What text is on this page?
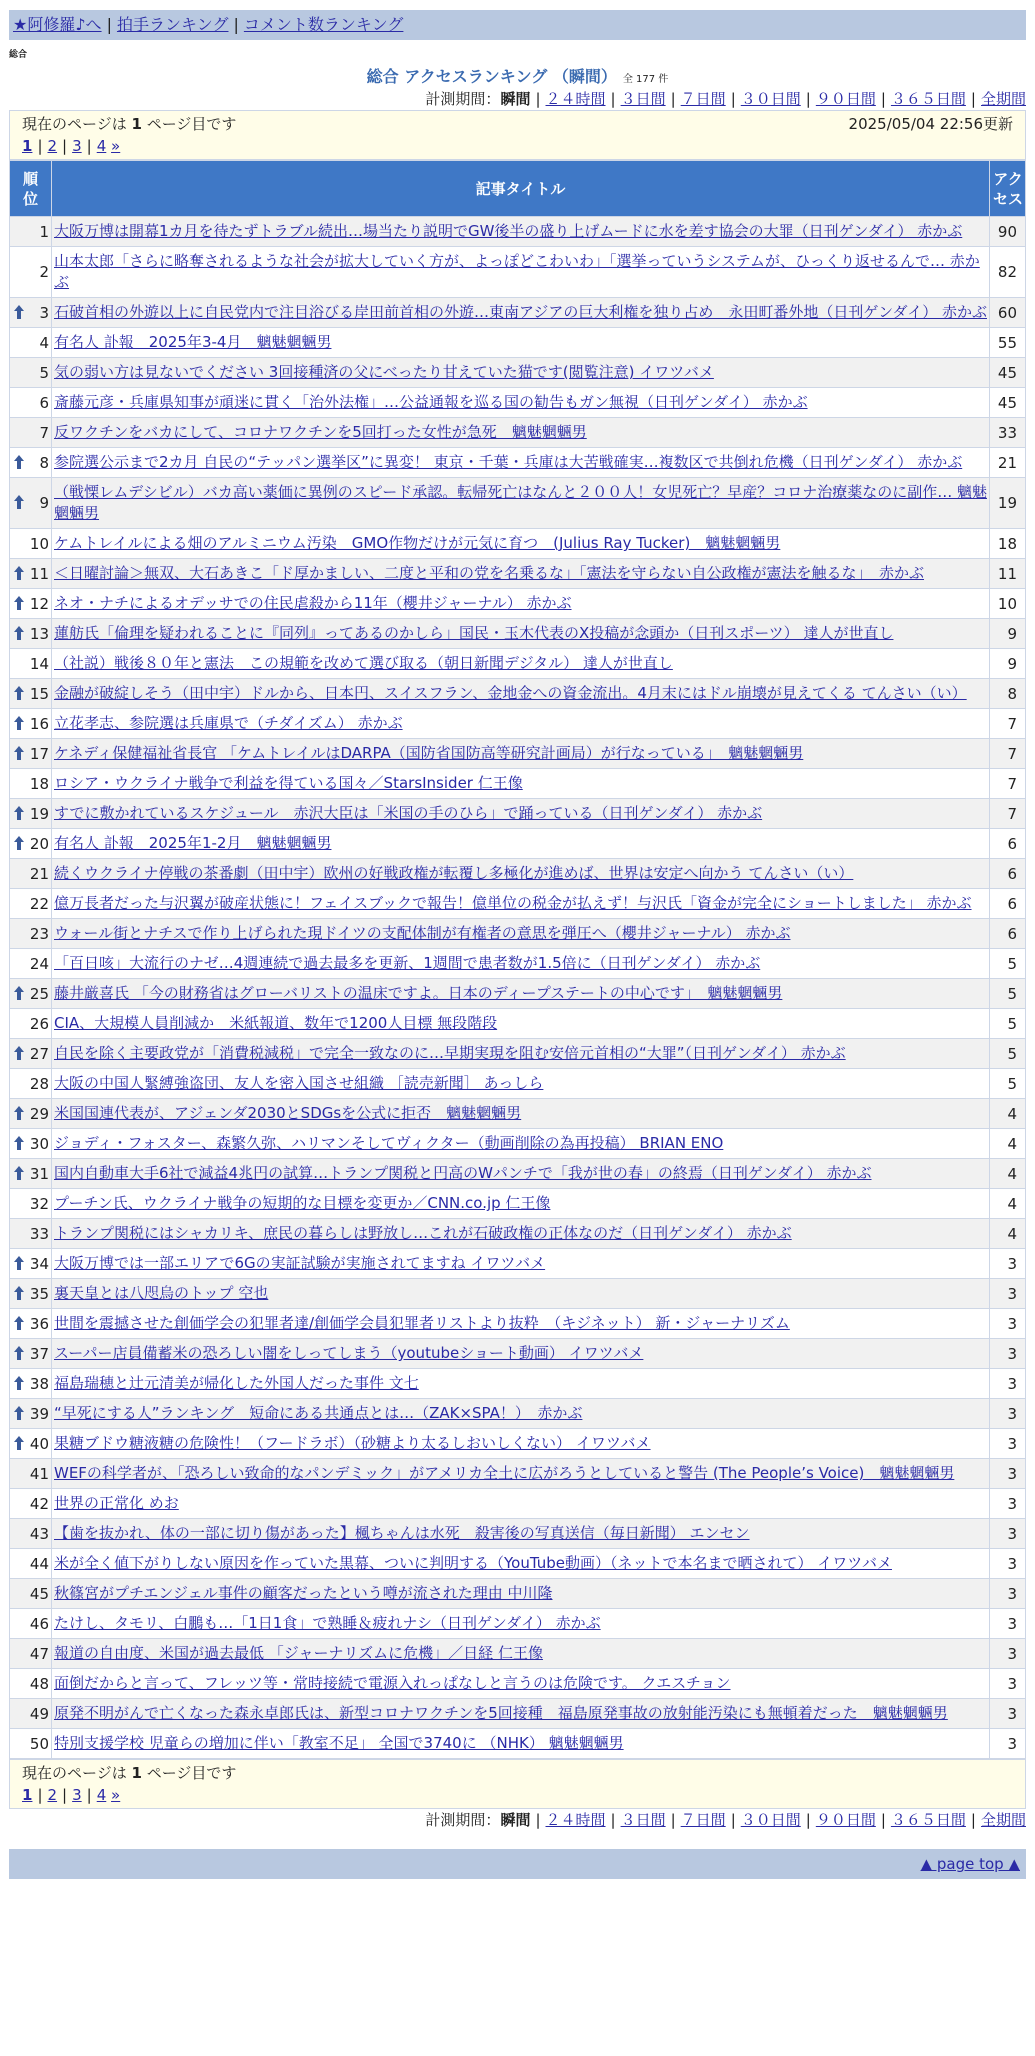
★阿修羅♪へ | 拍手ランキング | コメント数ランキング
総合
総合 アクセスランキング （瞬間） 全 177 件
計測期間：瞬間 | ２４時間 | ３日間 | ７日間 | ３０日間 | ９０日間 | ３６５日間 | 全期間
現在のページは 1 ページ目です	2025/05/04 22:56更新
1 | 2 | 3 | 4 »
順位	記事タイトル	アクセス

1	大阪万博は開幕1カ月を待たずトラブル続出…場当たり説明でGW後半の盛り上げムードに水を差す協会の大罪（日刊ゲンダイ） 赤かぶ	90
2	山本太郎「さらに略奪されるような社会が拡大していく方が、よっぽどこわいわ」「選挙っていうシステムが、ひっくり返せるんで… 赤かぶ	82

3	石破首相の外遊以上に自民党内で注目浴びる岸田前首相の外遊…東南アジアの巨大利権を独り占め　永田町番外地（日刊ゲンダイ） 赤かぶ	60
4	有名人 訃報　2025年3-4月　魑魅魍魎男	55
5	気の弱い方は見ないでください 3回接種済の父にべったり甘えていた猫です(閲覧注意) イワツバメ	45
6	斎藤元彦・兵庫県知事が頑迷に貫く「治外法権」…公益通報を巡る国の勧告もガン無視（日刊ゲンダイ） 赤かぶ	45
7	反ワクチンをバカにして、コロナワクチンを5回打った女性が急死　魑魅魍魎男	33

8	参院選公示まで2カ月 自民の“テッパン選挙区”に異変！ 東京・千葉・兵庫は大苦戦確実…複数区で共倒れ危機（日刊ゲンダイ） 赤かぶ	21

9	（戦慄レムデシビル）バカ高い薬価に異例のスピード承認。転帰死亡はなんと２００人！女児死亡？早産？コロナ治療薬なのに副作… 魑魅魍魎男	19
10	ケムトレイルによる畑のアルミニウム汚染　GMO作物だけが元気に育つ　(Julius Ray Tucker)　魑魅魍魎男	18

11	＜日曜討論＞無双、大石あきこ「ド厚かましい、二度と平和の党を名乗るな」「憲法を守らない自公政権が憲法を触るな」　赤かぶ	11

12	ネオ・ナチによるオデッサでの住民虐殺から11年（櫻井ジャーナル） 赤かぶ	10

13	蓮舫氏「倫理を疑われることに『同列』ってあるのかしら」国民・玉木代表のX投稿が念頭か（日刊スポーツ） 達人が世直し	9
14	（社説）戦後８０年と憲法　この規範を改めて選び取る（朝日新聞デジタル） 達人が世直し	9

15	金融が破綻しそう（田中宇）ドルから、日本円、スイスフラン、金地金への資金流出。4月末にはドル崩壊が見えてくる てんさい（い）	8

16	立花孝志、参院選は兵庫県で（チダイズム） 赤かぶ	7

17	ケネディ保健福祉省長官 「ケムトレイルはDARPA（国防省国防高等研究計画局）が行なっている」　魑魅魍魎男	7
18	ロシア・ウクライナ戦争で利益を得ている国々／StarsInsider 仁王像	7

19	すでに敷かれているスケジュール　赤沢大臣は「米国の手のひら」で踊っている（日刊ゲンダイ） 赤かぶ	7

20	有名人 訃報　2025年1-2月　魑魅魍魎男	6
21	続くウクライナ停戦の茶番劇（田中宇）欧州の好戦政権が転覆し多極化が進めば、世界は安定へ向かう てんさい（い）	6
22	億万長者だった与沢翼が破産状態に！フェイスブックで報告！億単位の税金が払えず！与沢氏「資金が完全にショートしました」 赤かぶ	6
23	ウォール街とナチスで作り上げられた現ドイツの支配体制が有権者の意思を弾圧へ（櫻井ジャーナル） 赤かぶ	6
24	「百日咳」大流行のナゼ…4週連続で過去最多を更新、1週間で患者数が1.5倍に（日刊ゲンダイ） 赤かぶ	5

25	藤井厳喜氏 「今の財務省はグローバリストの温床ですよ。日本のディープステートの中心です」　魑魅魍魎男	5
26	CIA、大規模人員削減か　米紙報道、数年で1200人目標 無段階段	5

27	自民を除く主要政党が「消費税減税」で完全一致なのに…早期実現を阻む安倍元首相の“大罪”（日刊ゲンダイ） 赤かぶ	5
28	大阪の中国人緊縛強盗団、友人を密入国させ組織 ［読売新聞］ あっしら	5

29	米国国連代表が、アジェンダ2030とSDGsを公式に拒否　魑魅魍魎男	4

30	ジョディ・フォスター、森繁久弥、ハリマンそしてヴィクター（動画削除の為再投稿） BRIAN ENO	4

31	国内自動車大手6社で減益4兆円の試算…トランプ関税と円高のWパンチで「我が世の春」の終焉（日刊ゲンダイ） 赤かぶ	4
32	プーチン氏、ウクライナ戦争の短期的な目標を変更か／CNN.co.jp 仁王像	4
33	トランプ関税にはシャカリキ、庶民の暮らしは野放し…これが石破政権の正体なのだ（日刊ゲンダイ） 赤かぶ	4

34	大阪万博では一部エリアで6Gの実証試験が実施されてますね イワツバメ	3

35	裏天皇とは八咫烏のトップ 空也	3

36	世間を震撼させた創価学会の犯罪者達/創価学会員犯罪者リストより抜粋　（キジネット） 新・ジャーナリズム	3

37	スーパー店員備蓄米の恐ろしい闇をしってしまう（youtubeショート動画） イワツバメ	3

38	福島瑞穂と辻元清美が帰化した外国人だった事件 文七	3

39	“早死にする人”ランキング　短命にある共通点とは…（ZAK×SPA！）　赤かぶ	3

40	果糖ブドウ糖液糖の危険性！（フードラボ）（砂糖より太るしおいしくない） イワツバメ	3
41	WEFの科学者が、「恐ろしい致命的なパンデミック」がアメリカ全土に広がろうとしていると警告 (The People’s Voice)　魑魅魍魎男	3
42	世界の正常化 めお	3
43	【歯を抜かれ、体の一部に切り傷があった】楓ちゃんは水死　殺害後の写真送信（毎日新聞） エンセン	3
44	米が全く値下がりしない原因を作っていた黒幕、ついに判明する（YouTube動画）（ネットで本名まで晒されて） イワツバメ	3
45	秋篠宮がプチエンジェル事件の顧客だったという噂が流された理由 中川隆	3
46	たけし、タモリ、白鵬も…「1日1食」で熟睡＆疲れナシ（日刊ゲンダイ） 赤かぶ	3
47	報道の自由度、米国が過去最低 「ジャーナリズムに危機」／日経 仁王像	3
48	面倒だからと言って、フレッツ等・常時接続で電源入れっぱなしと言うのは危険です。 クエスチョン	3
49	原発不明がんで亡くなった森永卓郎氏は、新型コロナワクチンを5回接種　福島原発事故の放射能汚染にも無頓着だった　魑魅魍魎男	3
50	特別支援学校 児童らの増加に伴い「教室不足」 全国で3740に （NHK） 魑魅魍魎男	3
現在のページは 1 ページ目です
1 | 2 | 3 | 4 »
計測期間：瞬間 | ２４時間 | ３日間 | ７日間 | ３０日間 | ９０日間 | ３６５日間 | 全期間
▲ page top ▲
